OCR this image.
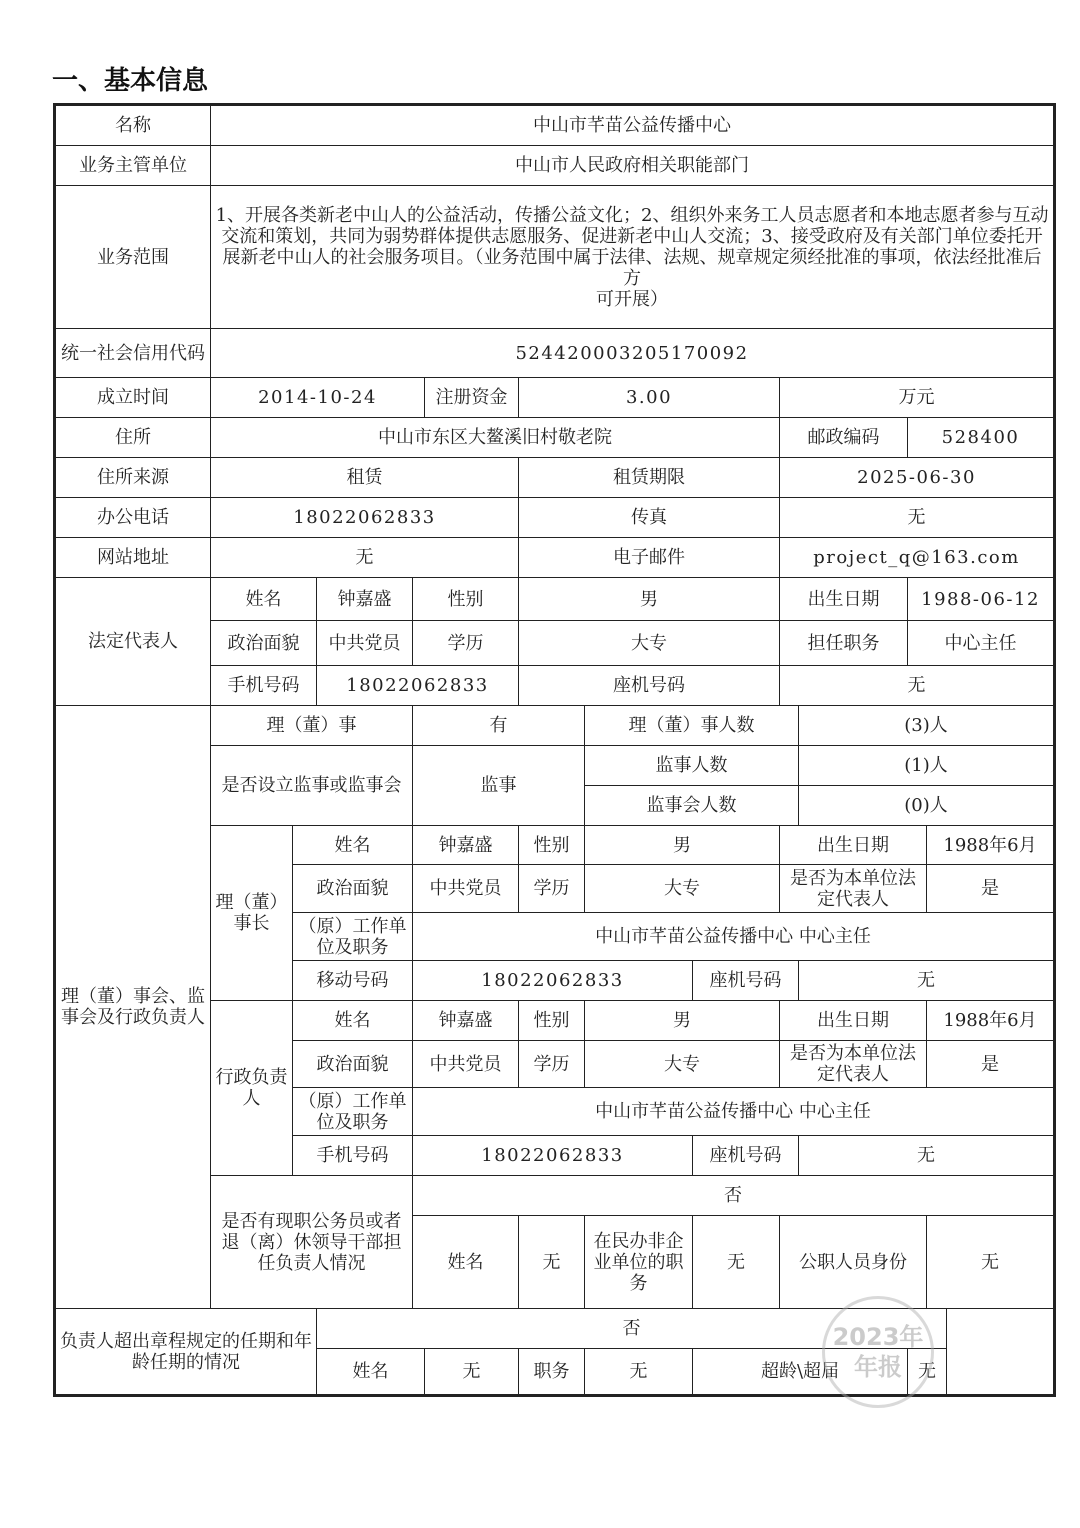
一、基本信息
名称	中山市芊苗公益传播中心											
业务主管单位	中山市人民政府相关职能部门											
业务范围	1、开展各类新老中山人的公益活动，传播公益文化；2、组织外来务工人员志愿者和本地志愿者参与互动交流和策划，共同为弱势群体提供志愿服务、促进新老中山人交流；3、接受政府及有关部门单位委托开展新老中山人的社会服务项目。（业务范围中属于法律、法规、规章规定须经批准的事项，依法经批准后方
可开展）											

统一社会信用代码	524420003205170092											
成立时间	2014-10-24				注册资金	3.00			万元			
住所	中山市东区大鳌溪旧村敬老院								邮政编码		528400	
住所来源	租赁					租赁期限			2025-06-30			
办公电话	18022062833					传真			无			
网站地址	无					电子邮件			project_q@163.com			
法定代表人	姓名		钟嘉盛	性别		男			出生日期		1988-06-12	
	政治面貌		中共党员	学历		大专			担任职务		中心主任	
	手机号码		18022062833			座机号码			无			
理（董）事会、监事会及行政负责人	理（董）事			有			理（董）事人数			(3)人		
	是否设立监事或监事会			监事			监事人数			(1)人		
							监事会人数			(0)人		
	理（董）事长	姓名		钟嘉盛		性别	男		出生日期			1988年6月
		政治面貌		中共党员		学历	大专		是否为本单位法定代表人			是
		（原）工作单位及职务		中山市芊苗公益传播中心 中心主任								
		移动号码		18022062833				座机号码		无		
	行政负责人	姓名		钟嘉盛		性别	男		出生日期			1988年6月
		政治面貌		中共党员		学历	大专		是否为本单位法定代表人			是
		（原）工作单位及职务		中山市芊苗公益传播中心 中心主任								
		手机号码		18022062833				座机号码		无		
	是否有现职公务员或者退（离）休领导干部担任负责人情况			否								
				姓名		无	在民办非企业单位的职务	无	公职人员身份			无
负责人超出章程规定的任期和年龄任期的情况			否									
			姓名		无	职务	无	超龄\超届			无	
2023年
年报
